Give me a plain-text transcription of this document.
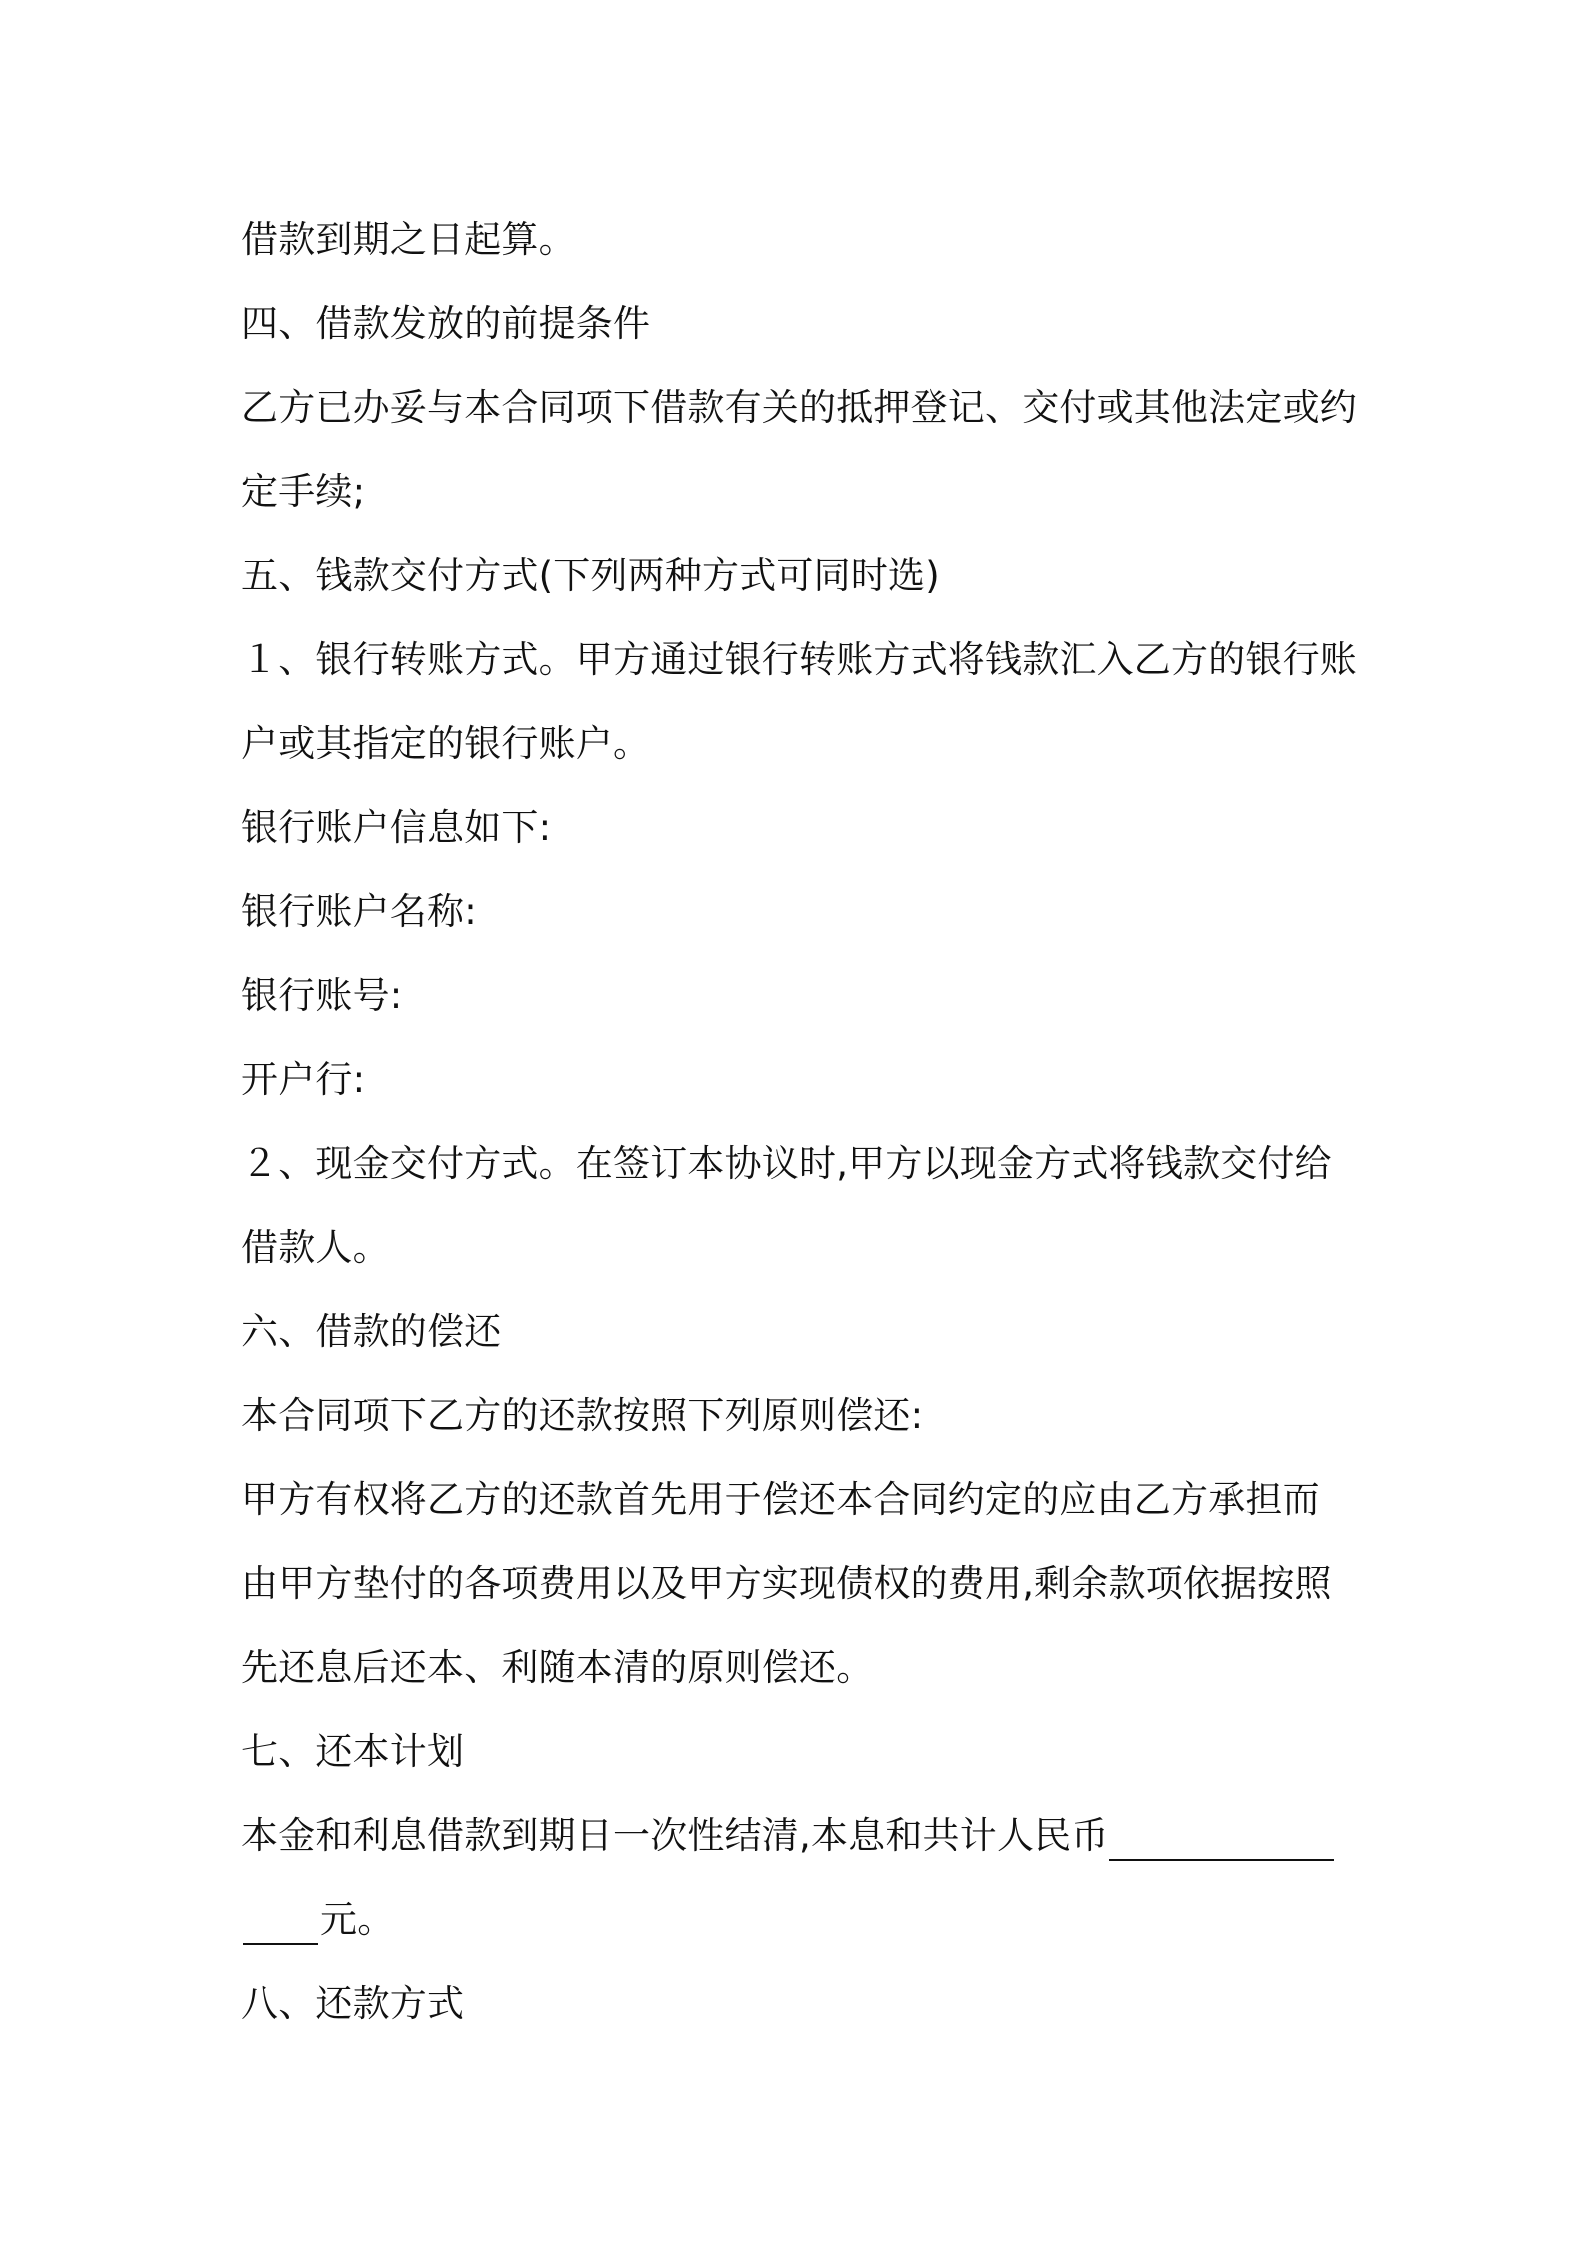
借款到期之日起算。
四、借款发放的前提条件
乙方已办妥与本合同项下借款有关的抵押登记、交付或其他法定或约
定手续;
五、钱款交付方式(下列两种方式可同时选)
１、银行转账方式。甲方通过银行转账方式将钱款汇入乙方的银行账
户或其指定的银行账户。
银行账户信息如下:
银行账户名称:
银行账号:
开户行:
２、现金交付方式。在签订本协议时,甲方以现金方式将钱款交付给
借款人。
六、借款的偿还
本合同项下乙方的还款按照下列原则偿还:
甲方有权将乙方的还款首先用于偿还本合同约定的应由乙方承担而
由甲方垫付的各项费用以及甲方实现债权的费用,剩余款项依据按照
先还息后还本、利随本清的原则偿还。
七、还本计划
本金和利息借款到期日一次性结清,本息和共计人民币
元。
八、还款方式
